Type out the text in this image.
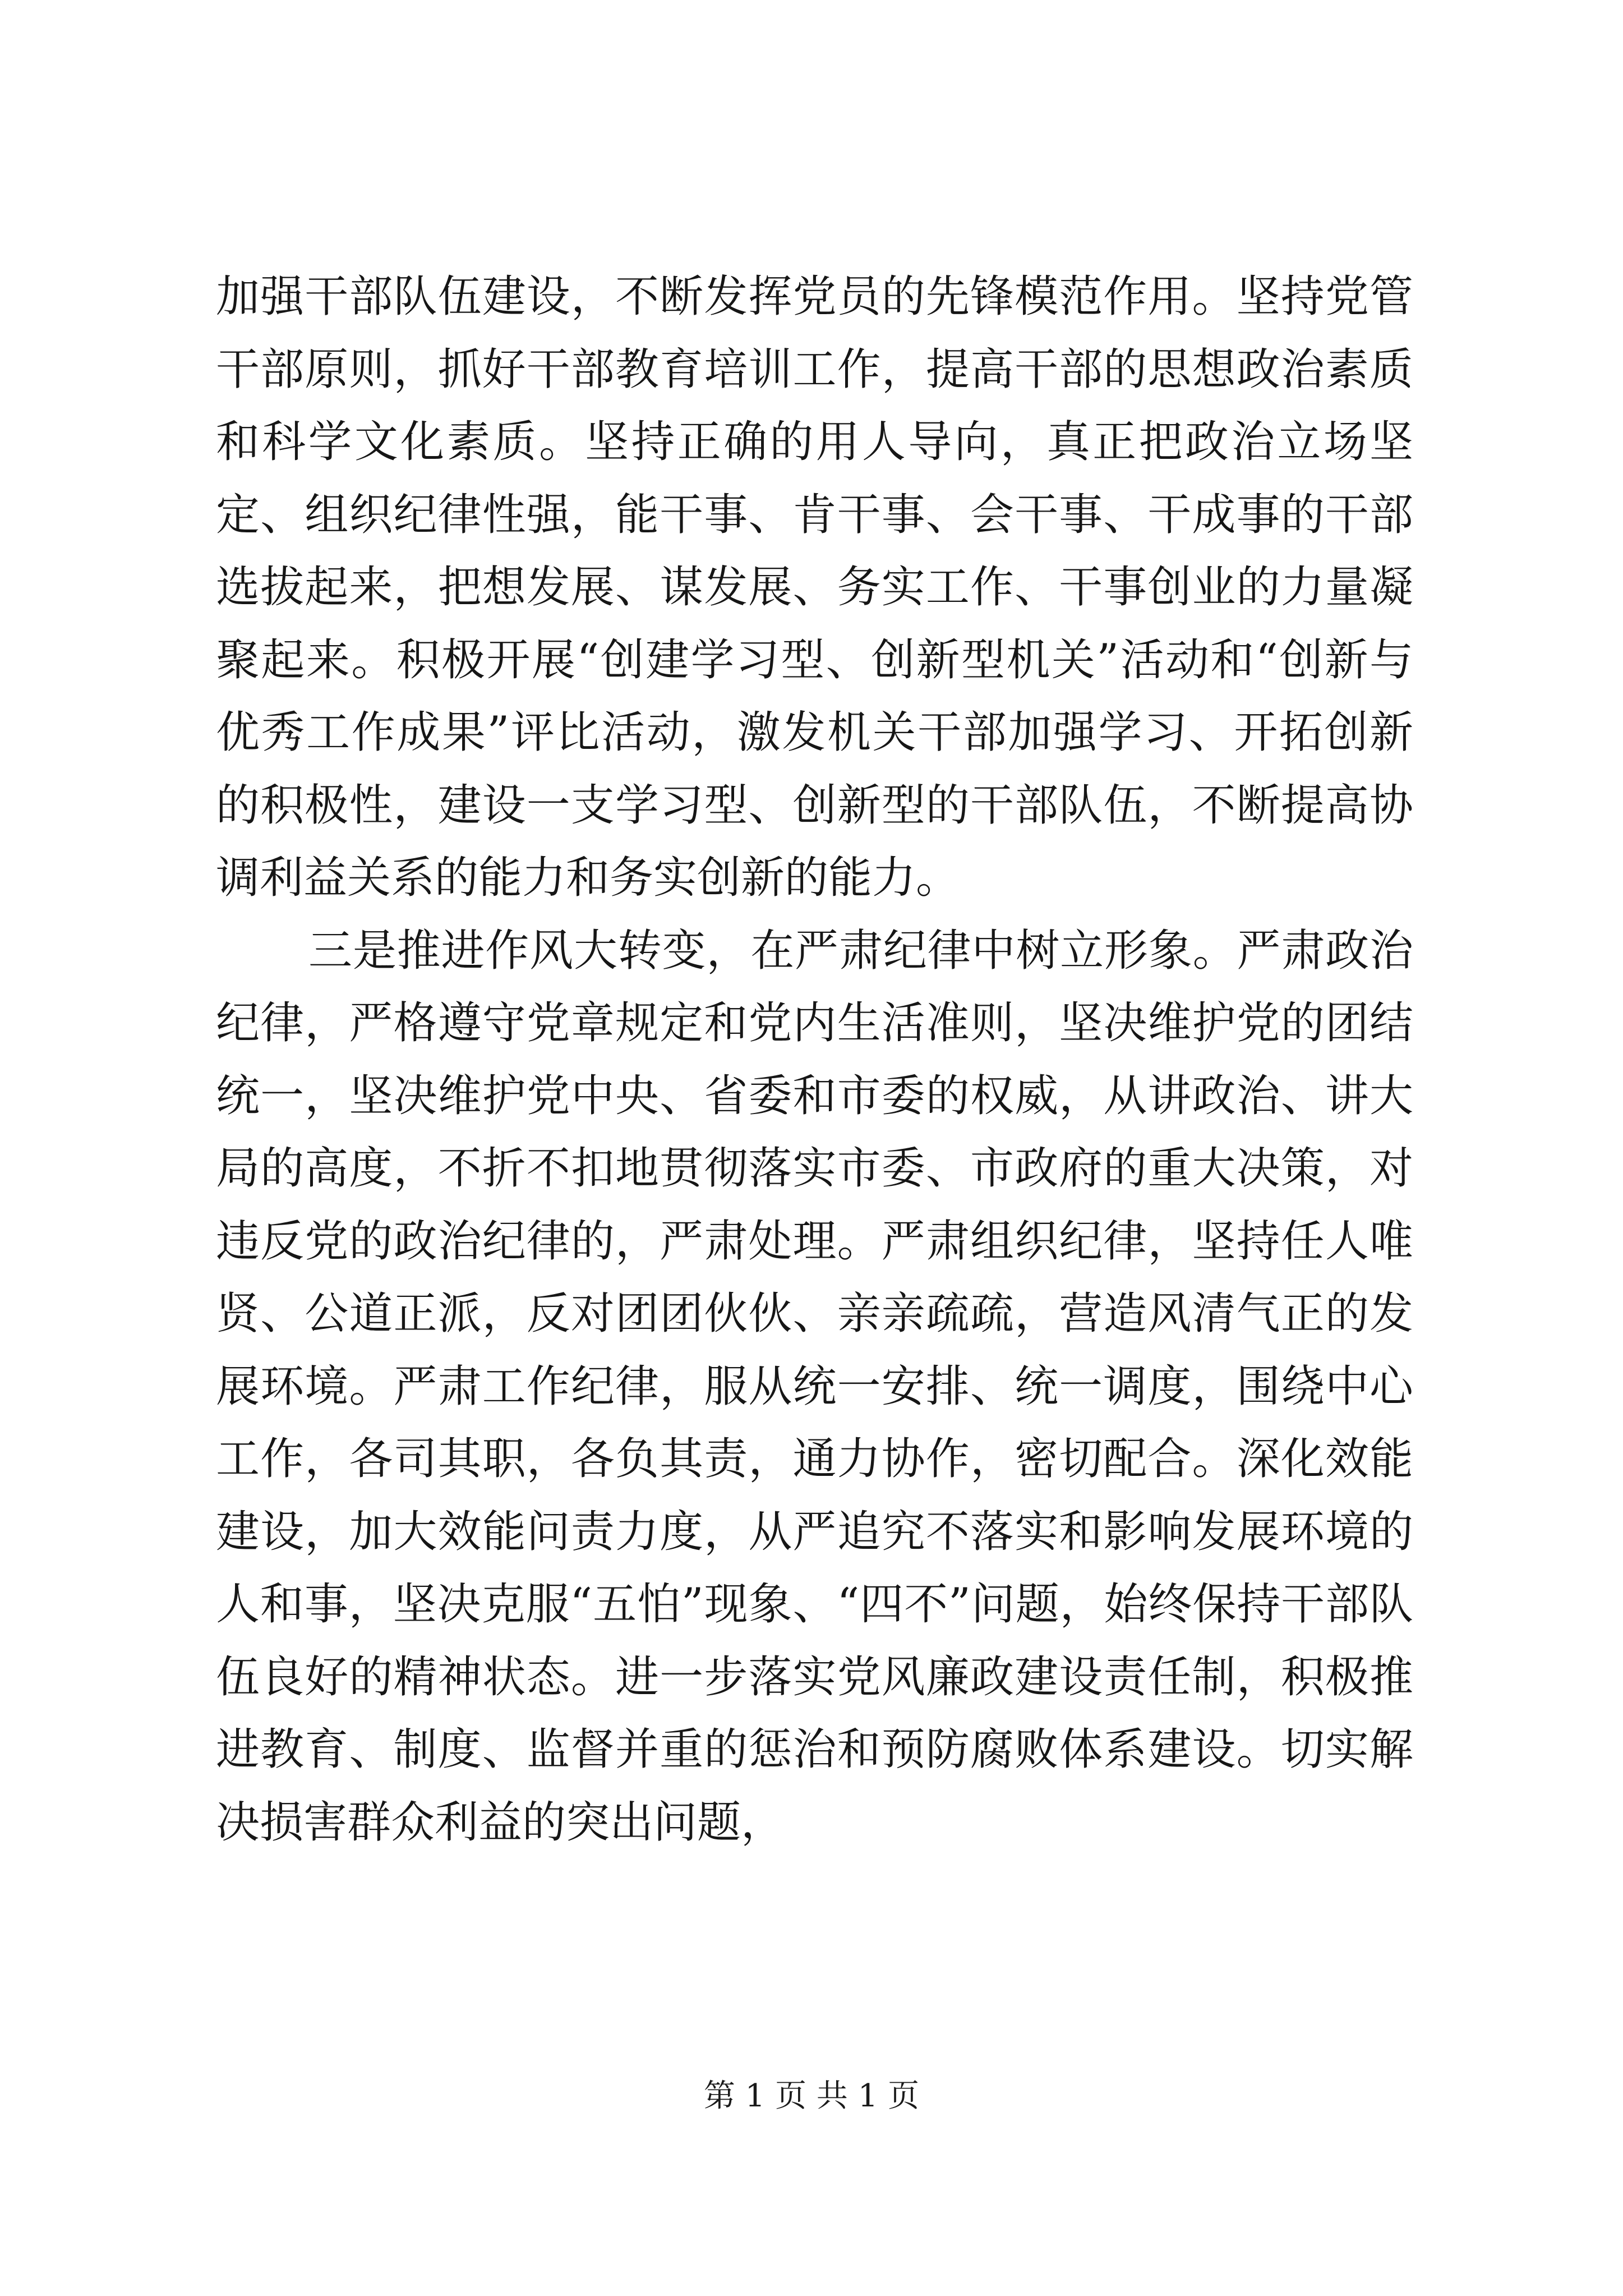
加强干部队伍建设，不断发挥党员的先锋模范作用。坚持党管干部原则，抓好干部教育培训工作，提高干部的思想政治素质和科学文化素质。坚持正确的用人导向，真正把政治立场坚定、组织纪律性强，能干事、肯干事、会干事、干成事的干部选拔起来，把想发展、谋发展、务实工作、干事创业的力量凝聚起来。积极开展“创建学习型、创新型机关”活动和“创新与优秀工作成果”评比活动，激发机关干部加强学习、开拓创新的积极性，建设一支学习型、创新型的干部队伍，不断提高协调利益关系的能力和务实创新的能力。

三是推进作风大转变，在严肃纪律中树立形象。严肃政治纪律，严格遵守党章规定和党内生活准则，坚决维护党的团结统一，坚决维护党中央、省委和市委的权威，从讲政治、讲大局的高度，不折不扣地贯彻落实市委、市政府的重大决策，对违反党的政治纪律的，严肃处理。严肃组织纪律，坚持任人唯贤、公道正派，反对团团伙伙、亲亲疏疏，营造风清气正的发展环境。严肃工作纪律，服从统一安排、统一调度，围绕中心工作，各司其职，各负其责，通力协作，密切配合。深化效能建设，加大效能问责力度，从严追究不落实和影响发展环境的人和事，坚决克服“五怕”现象、“四不”问题，始终保持干部队伍良好的精神状态。进一步落实党风廉政建设责任制，积极推进教育、制度、监督并重的惩治和预防腐败体系建设。切实解决损害群众利益的突出问题，

第 1 页 共 1 页
